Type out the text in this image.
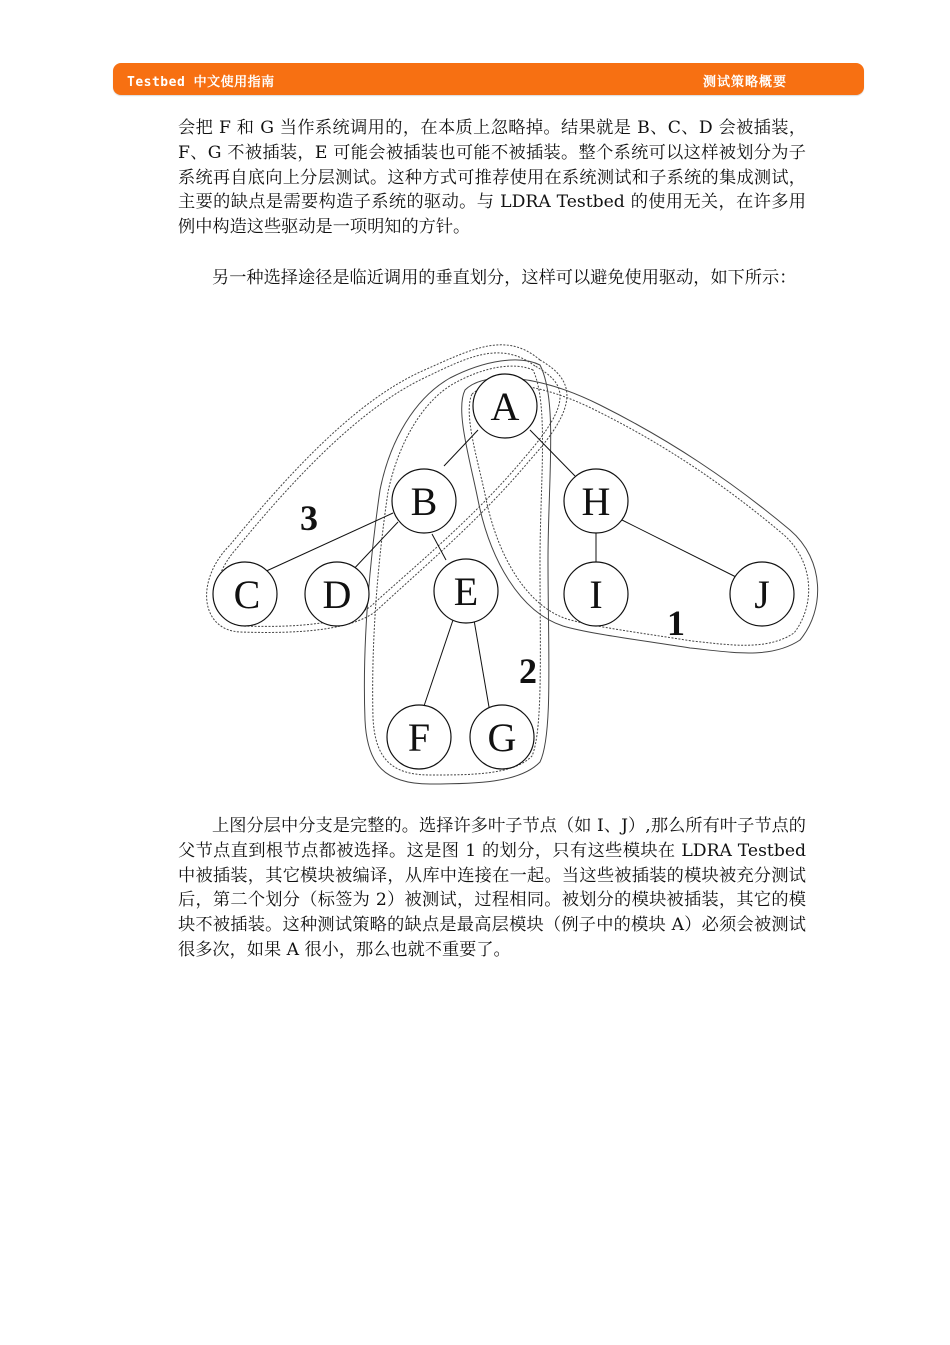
Testbed 中文使用指南	测试策略概要

会把 F 和 G 当作系统调用的，在本质上忽略掉。结果就是 B、C、D 会被插装，F、G 不被插装，E 可能会被插装也可能不被插装。整个系统可以这样被划分为子系统再自底向上分层测试。这种方式可推荐使用在系统测试和子系统的集成测试，主要的缺点是需要构造子系统的驱动。与 LDRA Testbed 的使用无关，在许多用例中构造这些驱动是一项明知的方针。

另一种选择途径是临近调用的垂直划分，这样可以避免使用驱动，如下所示：

A
B	H
C D	E	I	J
F G
3
2
1

上图分层中分支是完整的。选择许多叶子节点（如 I、J）,那么所有叶子节点的父节点直到根节点都被选择。这是图 1 的划分，只有这些模块在 LDRA Testbed 中被插装，其它模块被编译，从库中连接在一起。当这些被插装的模块被充分测试后，第二个划分（标签为 2）被测试，过程相同。被划分的模块被插装，其它的模块不被插装。这种测试策略的缺点是最高层模块（例子中的模块 A）必须会被测试很多次，如果 A 很小，那么也就不重要了。
